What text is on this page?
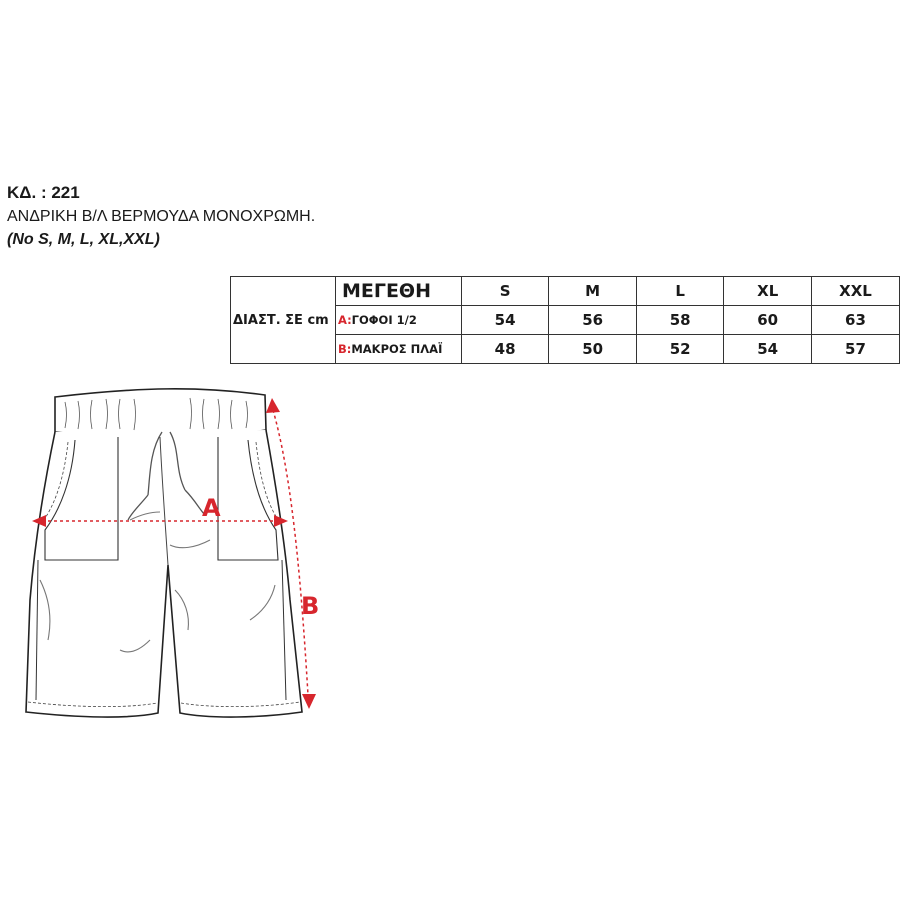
ΚΔ. : 221
ΑΝΔΡΙΚΗ Β/Λ ΒΕΡΜΟΥΔΑ ΜΟΝΟΧΡΩΜΗ.
(No S, M, L, XL,XXL)
ΔΙΑΣΤ. ΣΕ cm	ΜΕΓΕΘΗ	S	M	L	XL	XXL
	A:ΓΟΦΟΙ 1/2	54	56	58	60	63
	B:ΜΑΚΡΟΣ ΠΛΑΪ	48	50	52	54	57
A
B
